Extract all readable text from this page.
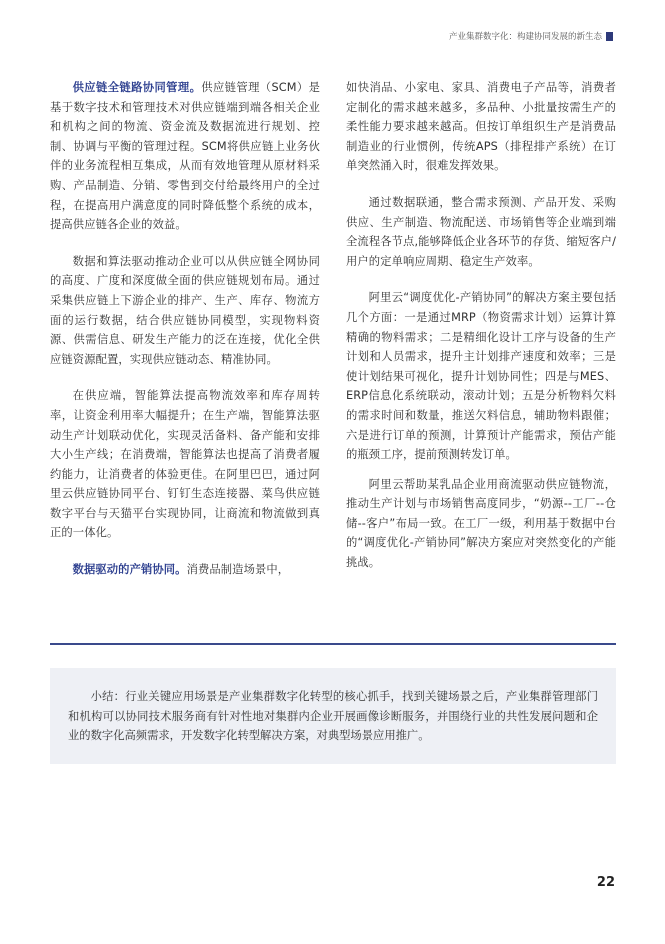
产业集群数字化：构建协同发展的新生态

供应链全链路协同管理。供应链管理（SCM）是基于数字技术和管理技术对供应链端到端各相关企业和机构之间的物流、资金流及数据流进行规划、控制、协调与平衡的管理过程。SCM将供应链上业务伙伴的业务流程相互集成，从而有效地管理从原材料采购、产品制造、分销、零售到交付给最终用户的全过程，在提高用户满意度的同时降低整个系统的成本，提高供应链各企业的效益。

数据和算法驱动推动企业可以从供应链全网协同的高度、广度和深度做全面的供应链规划布局。通过采集供应链上下游企业的排产、生产、库存、物流方面的运行数据，结合供应链协同模型，实现物料资源、供需信息、研发生产能力的泛在连接，优化全供应链资源配置，实现供应链动态、精准协同。

在供应端，智能算法提高物流效率和库存周转率，让资金利用率大幅提升；在生产端，智能算法驱动生产计划联动优化，实现灵活备料、备产能和安排大小生产线；在消费端，智能算法也提高了消费者履约能力，让消费者的体验更佳。在阿里巴巴，通过阿里云供应链协同平台、钉钉生态连接器、菜鸟供应链数字平台与天猫平台实现协同，让商流和物流做到真正的一体化。

数据驱动的产销协同。消费品制造场景中，

如快消品、小家电、家具、消费电子产品等，消费者定制化的需求越来越多，多品种、小批量按需生产的柔性能力要求越来越高。但按订单组织生产是消费品制造业的行业惯例，传统APS（排程排产系统）在订单突然涌入时，很难发挥效果。

通过数据联通，整合需求预测、产品开发、采购供应、生产制造、物流配送、市场销售等企业端到端全流程各节点,能够降低企业各环节的存货、缩短客户/用户的定单响应周期、稳定生产效率。

阿里云“调度优化-产销协同”的解决方案主要包括几个方面：一是通过MRP（物资需求计划）运算计算精确的物料需求；二是精细化设计工序与设备的生产计划和人员需求，提升主计划排产速度和效率；三是使计划结果可视化，提升计划协同性；四是与MES、ERP信息化系统联动，滚动计划；五是分析物料欠料的需求时间和数量，推送欠料信息，辅助物料跟催；六是进行订单的预测，计算预计产能需求，预估产能的瓶颈工序，提前预测转发订单。

阿里云帮助某乳品企业用商流驱动供应链物流，推动生产计划与市场销售高度同步，“奶源--工厂--仓储--客户”布局一致。在工厂一级，利用基于数据中台的“调度优化-产销协同”解决方案应对突然变化的产能挑战。

小结：行业关键应用场景是产业集群数字化转型的核心抓手，找到关键场景之后，产业集群管理部门和机构可以协同技术服务商有针对性地对集群内企业开展画像诊断服务，并围绕行业的共性发展问题和企业的数字化高频需求，开发数字化转型解决方案，对典型场景应用推广。

22
